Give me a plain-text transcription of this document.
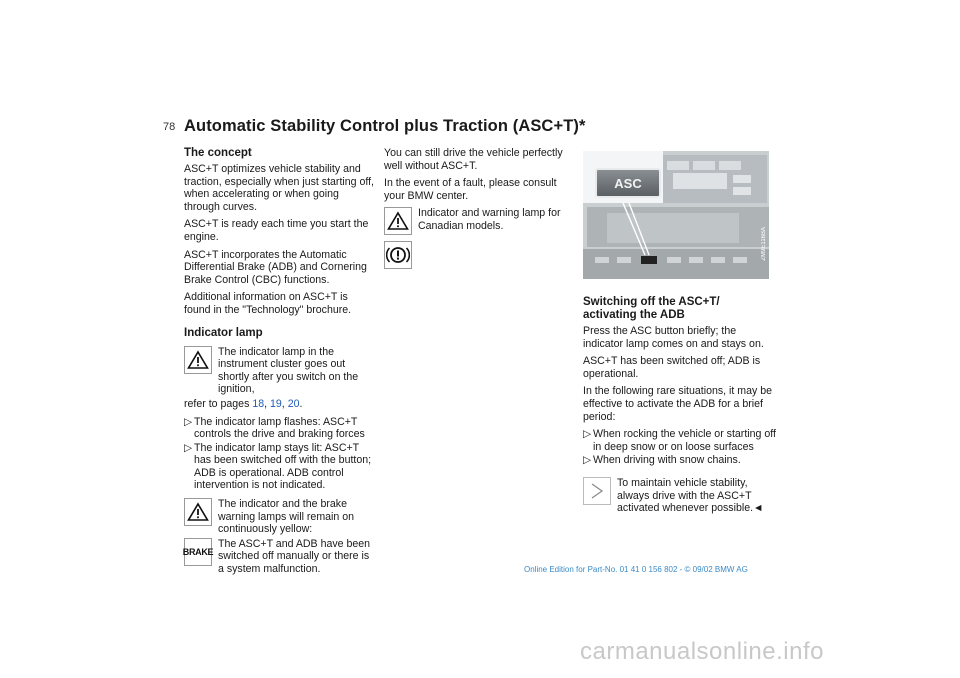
78 Automatic Stability Control plus Traction (ASC+T)*
The concept

ASC+T optimizes vehicle stability and traction, especially when just starting off, when accelerating or when going through curves.

ASC+T is ready each time you start the engine.

ASC+T incorporates the Automatic Differential Brake (ADB) and Cornering Brake Control (CBC) functions.

Additional information on ASC+T is found in the "Technology" brochure.

Indicator lamp
The indicator lamp in the instrument cluster goes out shortly after you switch on the ignition,

refer to pages 18, 19, 20.

▷ The indicator lamp flashes: ASC+T controls the drive and braking forces
▷ The indicator lamp stays lit: ASC+T has been switched off with the button; ADB is operational. ADB control intervention is not indicated.
The indicator and the brake warning lamps will remain on continuously yellow:
BRAKE
The ASC+T and ADB have been switched off manually or there is a system malfunction.

You can still drive the vehicle perfectly well without ASC+T.

In the event of a fault, please consult your BMW center.

Indicator and warning lamp for Canadian models.
ASC
ZM9E116BA
Switching off the ASC+T/
activating the ADB

Press the ASC button briefly; the indicator lamp comes on and stays on.

ASC+T has been switched off; ADB is operational.

In the following rare situations, it may be effective to activate the ADB for a brief period:

▷ When rocking the vehicle or starting off in deep snow or on loose surfaces
▷ When driving with snow chains.
To maintain vehicle stability, always drive with the ASC+T activated whenever possible.◄
Online Edition for Part-No. 01 41 0 156 802 - © 09/02 BMW AG
carmanualsonline.info
